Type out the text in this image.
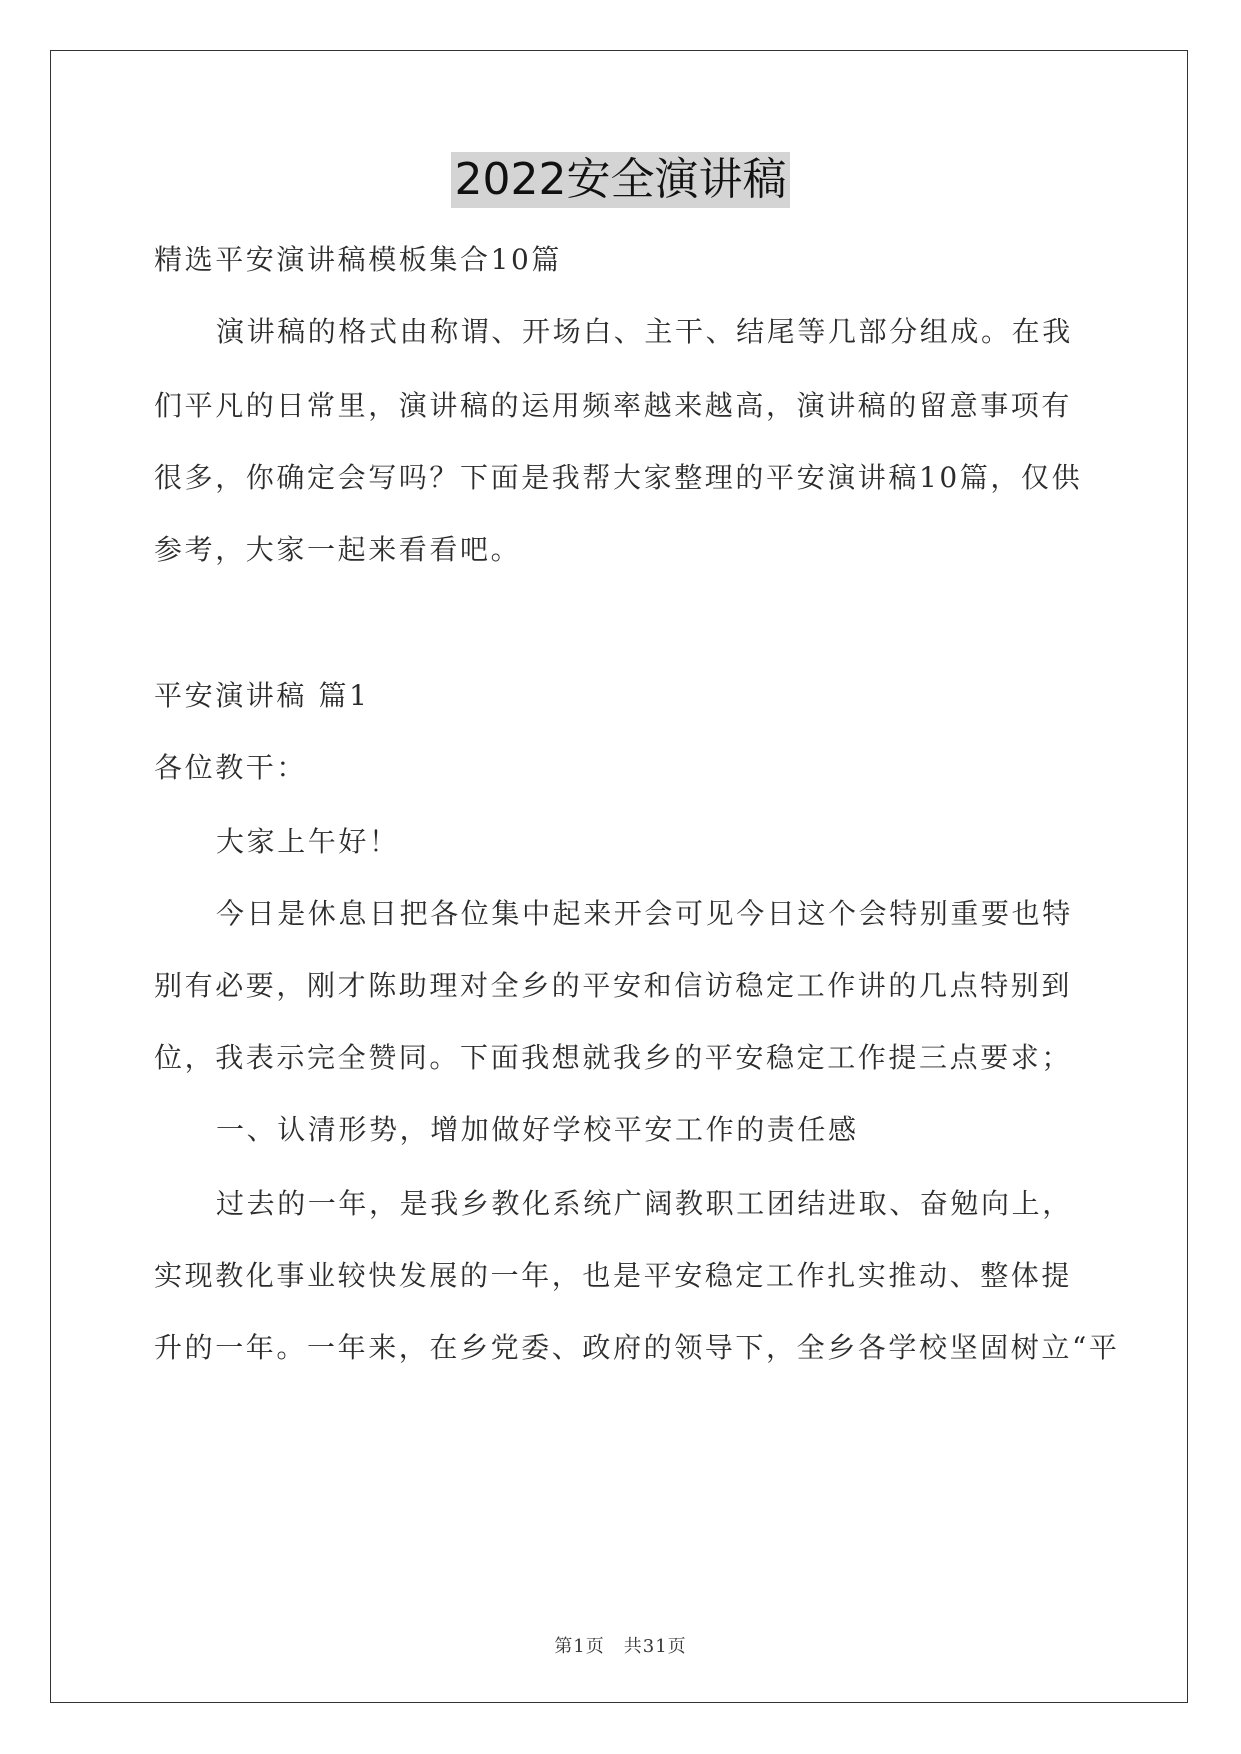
2022安全演讲稿
精选平安演讲稿模板集合10篇
演讲稿的格式由称谓、开场白、主干、结尾等几部分组成。在我
们平凡的日常里，演讲稿的运用频率越来越高，演讲稿的留意事项有
很多，你确定会写吗？下面是我帮大家整理的平安演讲稿10篇，仅供
参考，大家一起来看看吧。
平安演讲稿 篇1
各位教干：
大家上午好！
今日是休息日把各位集中起来开会可见今日这个会特别重要也特
别有必要，刚才陈助理对全乡的平安和信访稳定工作讲的几点特别到
位，我表示完全赞同。下面我想就我乡的平安稳定工作提三点要求；
一、认清形势，增加做好学校平安工作的责任感
过去的一年，是我乡教化系统广阔教职工团结进取、奋勉向上，
实现教化事业较快发展的一年，也是平安稳定工作扎实推动、整体提
升的一年。一年来，在乡党委、政府的领导下，全乡各学校坚固树立“平
第1页　共31页
